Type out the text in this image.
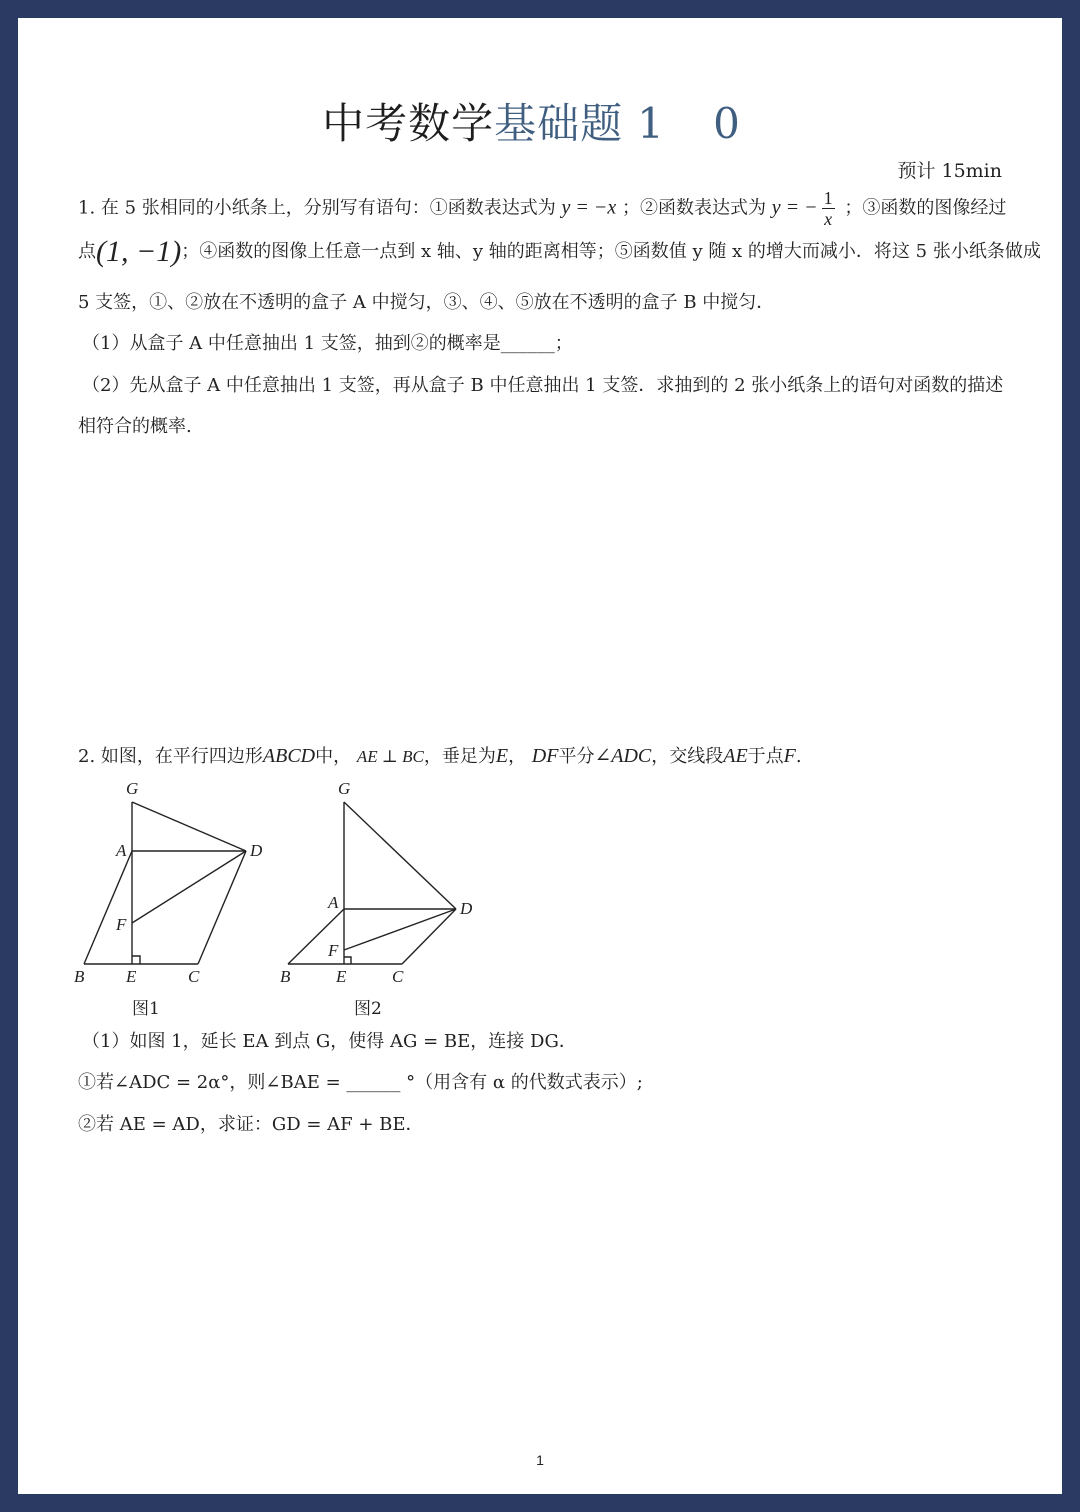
中考数学基础题 1 0
预计 15min
1. 在 5 张相同的小纸条上，分别写有语句：①函数表达式为 y = −x ；②函数表达式为 y = − $\frac{1}{x}$ ；③函数的图像经过
点(1, −1)；④函数的图像上任意一点到 x 轴、y 轴的距离相等；⑤函数值 y 随 x 的增大而减小．将这 5 张小纸条做成
5 支签，①、②放在不透明的盒子 A 中搅匀，③、④、⑤放在不透明的盒子 B 中搅匀．
（1）从盒子 A 中任意抽出 1 支签，抽到②的概率是______；
（2）先从盒子 A 中任意抽出 1 支签，再从盒子 B 中任意抽出 1 支签．求抽到的 2 张小纸条上的语句对函数的描述
相符合的概率.
2. 如图，在平行四边形ABCD中， AE ⊥ BC，垂足为E， DF平分∠ADC，交线段AE于点F.
G
A	D
F
B E	C
图1
G
A	D
F
B	E	C
图2
（1）如图 1，延长 EA 到点 G，使得 AG = BE，连接 DG．
①若∠ADC = 2α°，则∠BAE = ______ °（用含有 α 的代数式表示）;
②若 AE = AD，求证：GD = AF + BE．
1
